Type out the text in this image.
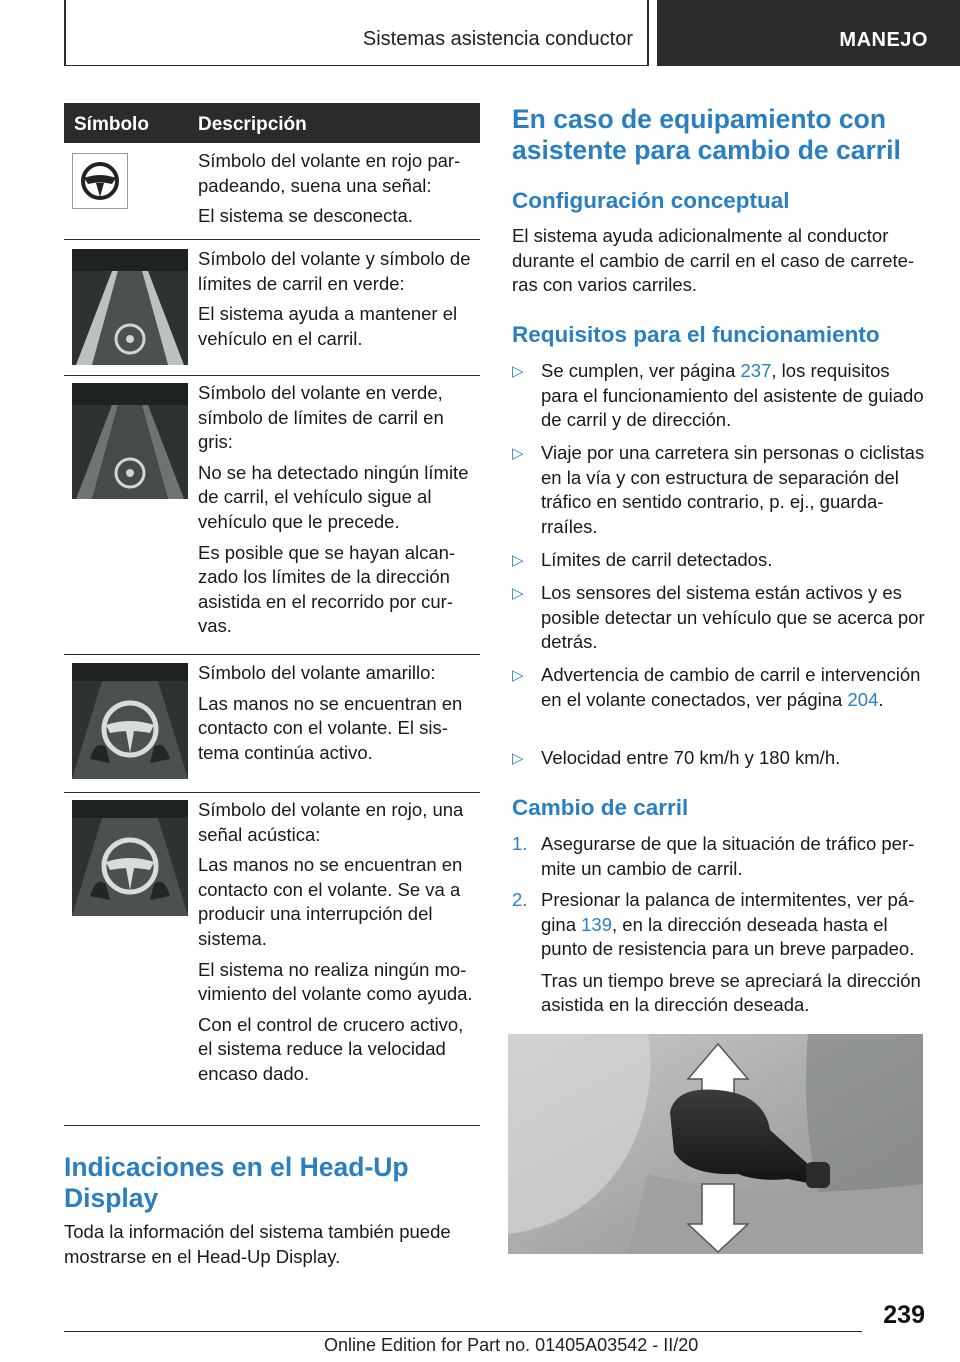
Sistemas asistencia conductor	MANEJO
Símbolo	Descripción

Símbolo del volante en rojo parpadeando, suena una señal:

El sistema se desconecta.

Símbolo del volante y símbolo de límites de carril en verde:

El sistema ayuda a mantener el vehículo en el carril.

Símbolo del volante en verde, símbolo de límites de carril en gris:

No se ha detectado ningún límite de carril, el vehículo sigue al vehículo que le precede.

Es posible que se hayan alcanzado los límites de la dirección asistida en el recorrido por curvas.

Símbolo del volante amarillo:

Las manos no se encuentran en contacto con el volante. El sistema continúa activo.

Símbolo del volante en rojo, una señal acústica:

Las manos no se encuentran en contacto con el volante. Se va a producir una interrupción del sistema.

El sistema no realiza ningún movimiento del volante como ayuda.

Con el control de crucero activo, el sistema reduce la velocidad encaso dado.

Indicaciones en el Head-Up Display
Toda la información del sistema también puede mostrarse en el Head-Up Display.
En caso de equipamiento con asistente para cambio de carril
Configuración conceptual
El sistema ayuda adicionalmente al conductor durante el cambio de carril en el caso de carreteras con varios carriles.
Requisitos para el funcionamiento
▷ Se cumplen, ver página 237, los requisitos para el funcionamiento del asistente de guiado de carril y de dirección.
▷ Viaje por una carretera sin personas o ciclistas en la vía y con estructura de separación del tráfico en sentido contrario, p. ej., guardarraíles.
▷ Límites de carril detectados.
▷ Los sensores del sistema están activos y es posible detectar un vehículo que se acerca por detrás.
▷ Advertencia de cambio de carril e intervención en el volante conectados, ver página 204.
▷ Velocidad entre 70 km/h y 180 km/h.
Cambio de carril
1. Asegurarse de que la situación de tráfico permite un cambio de carril.

2. Presionar la palanca de intermitentes, ver página 139, en la dirección deseada hasta el punto de resistencia para un breve parpadeo.

Tras un tiempo breve se apreciará la dirección asistida en la dirección deseada.

239
Online Edition for Part no. 01405A03542 - II/20
